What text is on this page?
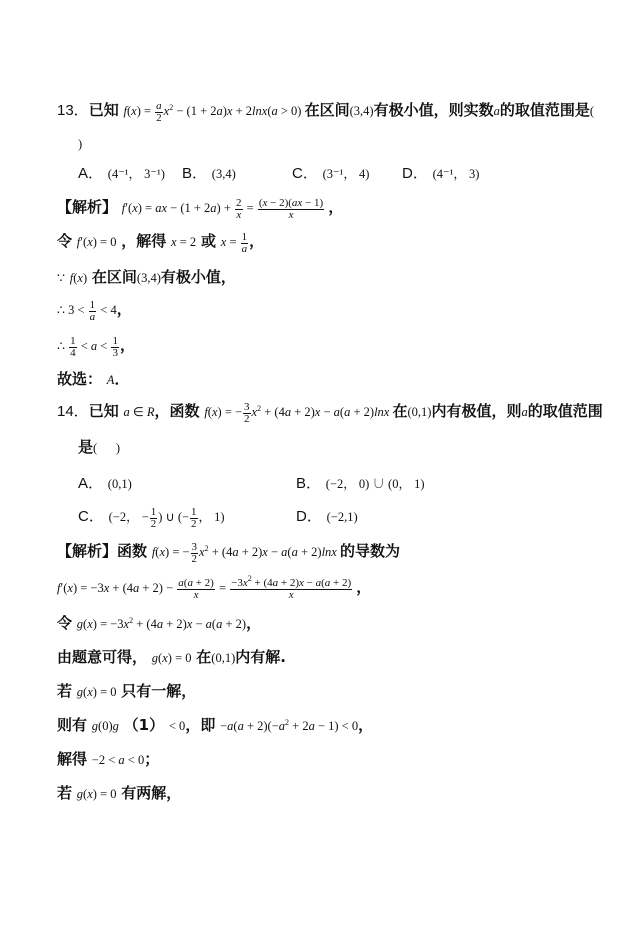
13．已知 $f(x) = \frac{a}{2} x^2 - (1 + 2a)x + 2\ln x(a > 0)$ 在区间(3,4)有极小值，则实数a的取值范围是(
)
A． (4⁻¹， 3⁻¹) B． (3,4)	C． (3⁻¹， 4) D． (4⁻¹， 3)
【解析】 f′(x) = ax − $(1 + 2a) + \frac{2}{x} = \frac{(x - 2)(ax - 1)}{x}$ ，
令 f′(x) = 0 ，解得 x = 2 或 $x = \frac{1}{a}$ ，
∵ f(x) 在区间(3,4)有极小值，
∴ $3 < \frac{1}{a} < 4$，
∴ $\frac{1}{4} < a < \frac{1}{3}$ ，
故选： A．
14．已知 a ∈ R，函数 f(x) = − $\frac{3}{2} x^2 + (4a + 2)x - a(a + 2)\ln x$ 在(0,1)内有极值，则a的取值范围
是(      )
A． (0,1)	B． (−2， 0) ∪ (0， 1)
C． (−2， − $\frac{1}{2}$ ) ∪ (− $\frac{1}{2}$ ， 1)	D． (−2,1)
【解析】函数 f(x) = − $\frac{3}{2} x^2 + (4a + 2)x - a(a + 2)\ln x$ 的导数为
$f'(x) = -3x + (4a + 2) - \frac{a(a + 2)}{x} = \frac{-3x^2 + (4a + 2)x - a(a + 2)}{x}$ ，
令 $g(x) = -3x^2 + (4a + 2)x - a(a + 2)$，
由题意可得， g(x) = 0 在(0,1)内有解.
若 g(x) = 0 只有一解，
则有 g(0)g （1） < 0，即 $-a(a + 2)(-a^2 + 2a - 1) < 0$，
解得 −2 < a < 0；
若 g(x) = 0 有两解，
